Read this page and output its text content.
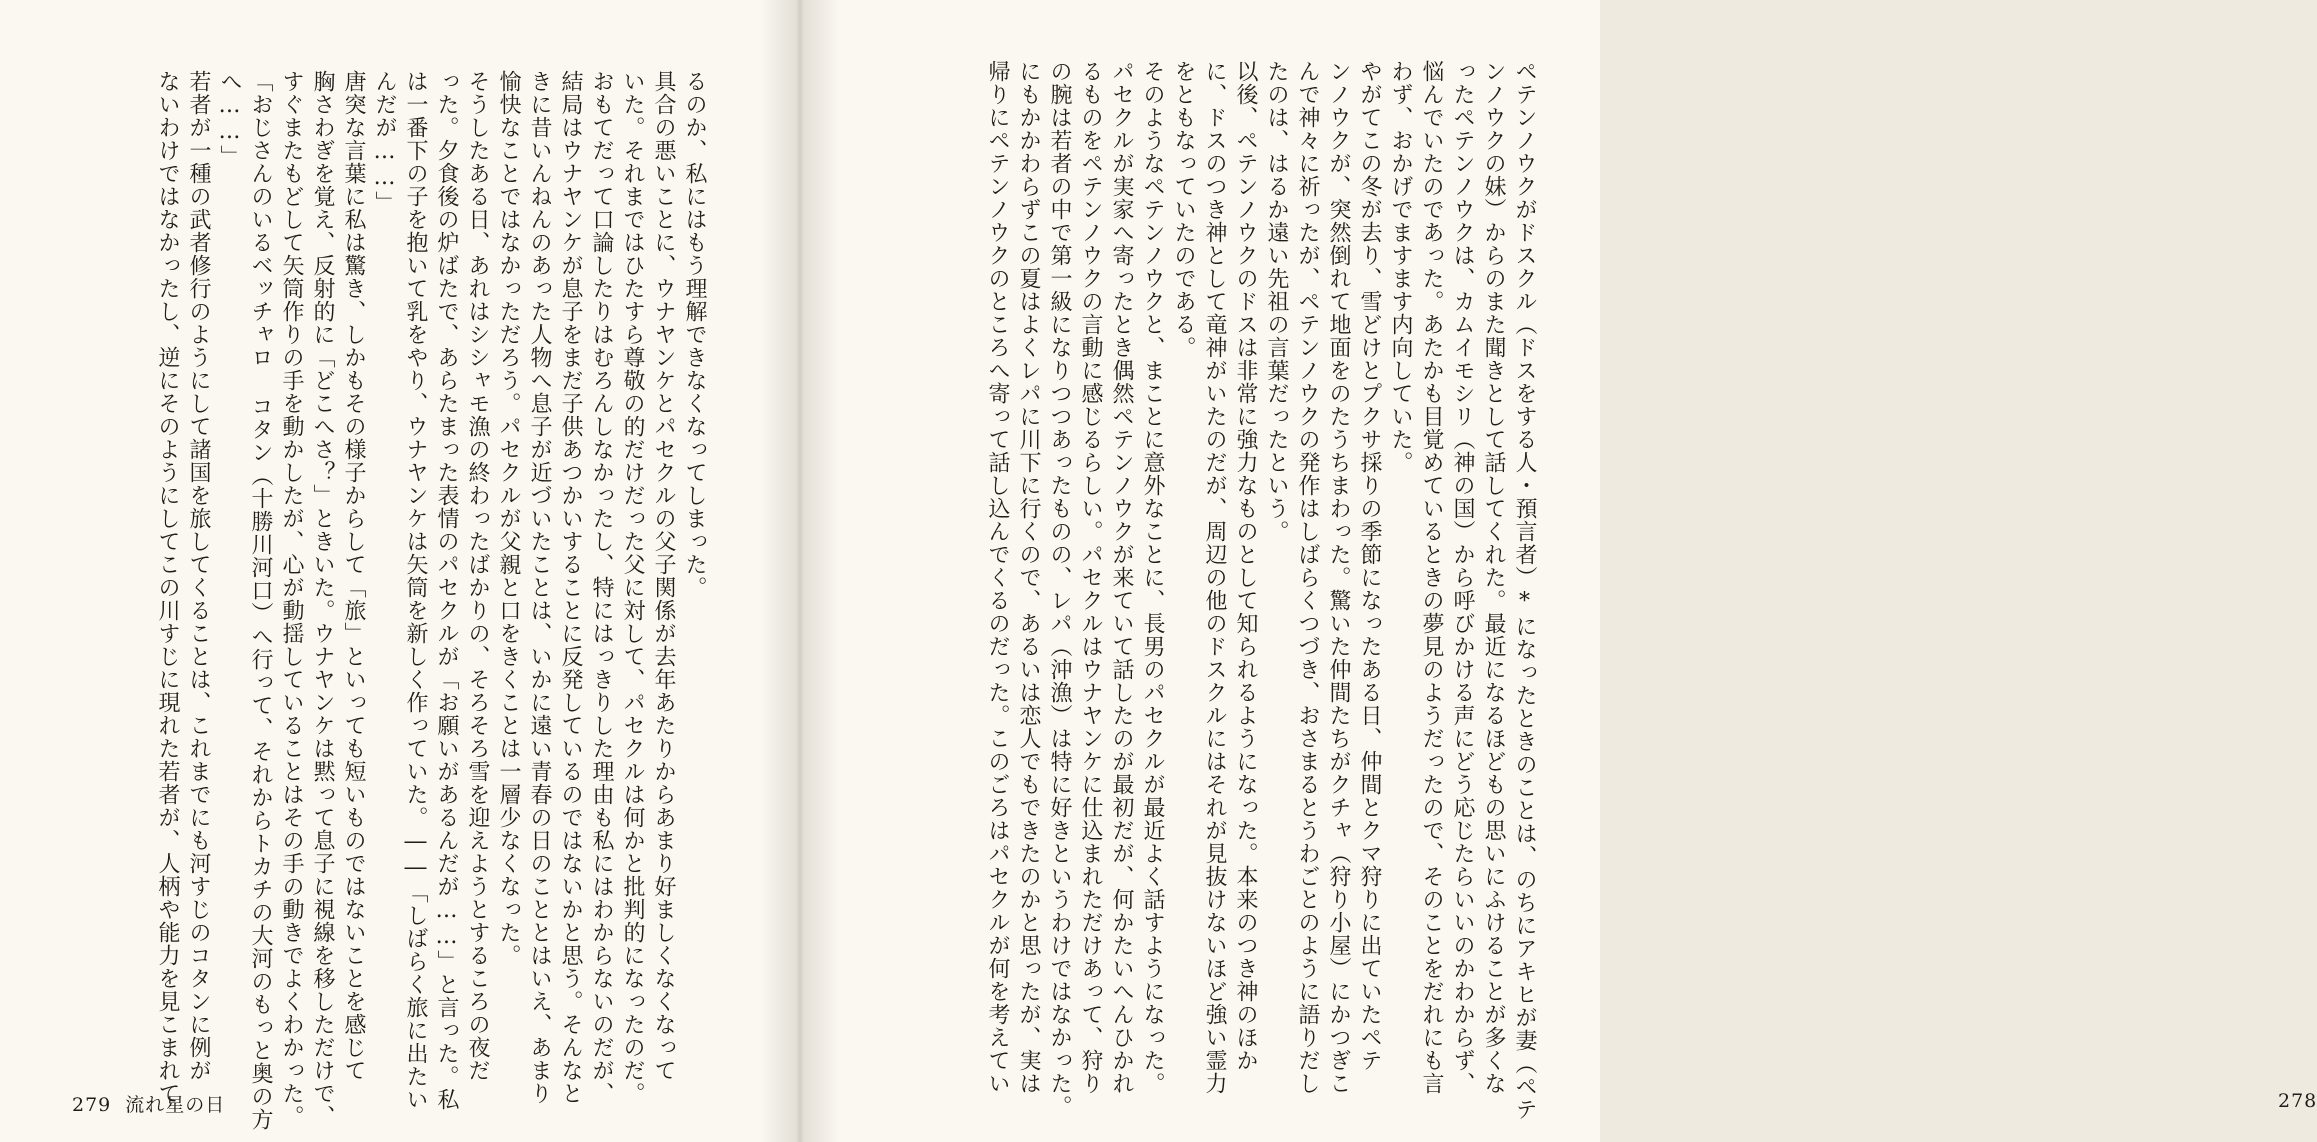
るのか、私にはもう理解できなくなってしまった。
具合の悪いことに、ウナヤンケとパセクルの父子関係が去年あたりからあまり好ましくなくなって
いた。それまではひたすら尊敬の的だけだった父に対して、パセクルは何かと批判的になったのだ。
おもてだって口論したりはむろんしなかったし、特にはっきりした理由も私にはわからないのだが、
結局はウナヤンケが息子をまだ子供あつかいすることに反発しているのではないかと思う。そんなと
きに昔いんねんのあった人物へ息子が近づいたことは、いかに遠い青春の日のこととはいえ、あまり
愉快なことではなかっただろう。パセクルが父親と口をきくことは一層少なくなった。
そうしたある日、あれはシシャモ漁の終わったばかりの、そろそろ雪を迎えようとするころの夜だ
った。夕食後の炉ばたで、あらたまった表情のパセクルが「お願いがあるんだが……」と言った。私
は一番下の子を抱いて乳をやり、ウナヤンケは矢筒を新しく作っていた。――「しばらく旅に出たい
んだが……」
唐突な言葉に私は驚き、しかもその様子からして「旅」といっても短いものではないことを感じて
胸さわぎを覚え、反射的に「どこへさ？」ときいた。ウナヤンケは黙って息子に視線を移しただけで、
すぐまたもどして矢筒作りの手を動かしたが、心が動揺していることはその手の動きでよくわかった。
「おじさんのいるベッチャロ コタン（十勝川河口）へ行って、それからトカチの大河のもっと奥の方
へ……」
若者が一種の武者修行のようにして諸国を旅してくることは、これまでにも河すじのコタンに例が
ないわけではなかったし、逆にそのようにしてこの川すじに現れた若者が、人柄や能力を見こまれて
279 流れ星の日	ペテンノウクがドスクル（ドスをする人・預言者）*になったときのことは、のちにアキヒが妻（ペテ
ンノウクの妹）からのまた聞きとして話してくれた。最近になるほどもの思いにふけることが多くな
ったペテンノウクは、カムイモシリ（神の国）から呼びかける声にどう応じたらいいのかわからず、
悩んでいたのであった。あたかも目覚めているときの夢見のようだったので、そのことをだれにも言
わず、おかげでますます内向していた。
やがてこの冬が去り、雪どけとプクサ採りの季節になったある日、仲間とクマ狩りに出ていたペテ
ンノウクが、突然倒れて地面をのたうちまわった。驚いた仲間たちがクチャ（狩り小屋）にかつぎこ
んで神々に祈ったが、ペテンノウクの発作はしばらくつづき、おさまるとうわごとのように語りだし
たのは、はるか遠い先祖の言葉だったという。
以後、ペテンノウクのドスは非常に強力なものとして知られるようになった。本来のつき神のほか
に、ドスのつき神として竜神がいたのだが、周辺の他のドスクルにはそれが見抜けないほど強い霊力
をともなっていたのである。
そのようなペテンノウクと、まことに意外なことに、長男のパセクルが最近よく話すようになった。
パセクルが実家へ寄ったとき偶然ペテンノウクが来ていて話したのが最初だが、何かたいへんひかれ
るものをペテンノウクの言動に感じるらしい。パセクルはウナヤンケに仕込まれただけあって、狩り
の腕は若者の中で第一級になりつつあったものの、レパ（沖漁）は特に好きというわけではなかった。
にもかかわらずこの夏はよくレパに川下に行くので、あるいは恋人でもできたのかと思ったが、実は
帰りにペテンノウクのところへ寄って話し込んでくるのだった。このごろはパセクルが何を考えてい
278
